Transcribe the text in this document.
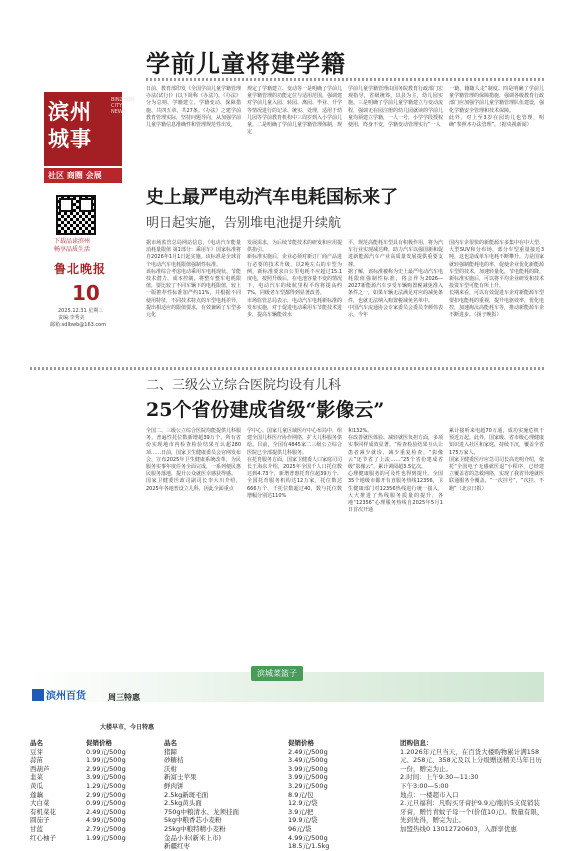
滨州
城事
BINZHOU CITY NEWS
社区 商圈 会展
下载品读滨州
畅享品质生活
鲁北晚报
10
2025.12.31 星期三
责编:李秀美
邮箱:sdlbwb@163.com
学前儿童将建学籍
日前，教育部印发《全国学前儿童学籍管理办法(试行)》(以下简称《办法》)。《办法》分为总则、学籍建立、学籍变动、保障措施、共四五章、共27条。《办法》之建学前教育管理实际，坚持问题导向，从加强学前儿童学籍信息准确性和管理规范性出发，
规定了学籍建立、变动等一是明确了学前儿童学籍管理的功能定位与适用范围，强调建对学前儿童入园、转园、离园、毕业、升学等情况进行的记录、统实、处理，适用于幼儿园等学前教育机构中三周岁到入小学前儿童。二是明确了学前儿童学籍管理体制，规定
学前儿童学籍管理由国务院教育行政部门宏观指导，省级统筹，以县为主，幼儿园实施。三是明确了学前儿童学籍建立与变动流程，强调无在园注册的幼儿园就读的学前儿童均须建立学籍，一人一号，小学学段授权使用，终身不变，学籍变动管理实行“一人
一籍，籍随人走”制度。四是明确了学前儿童学籍管理的保障措施，强调各级教育行政部门应加强学前儿童学籍管理队伍建设，强化学籍安全管理和技术保障。
此外，对上至3岁在园幼儿也管理，明确“参照本办法管理”。（据央视新闻）
史上最严电动汽车电耗国标来了
明日起实施，告别堆电池提升续航
据市场监管总局网站信息，《电动汽车能量消耗量限值 第1部分：乘用车》国家标准将自2026年1月1日起实施。该标准是全球首个电动汽车电耗限值强制性标准。
该标准综合考虑电动乘用车电耗现状、节能技术潜力、成本控制，将整车整车电耗限值，要比较了不同车辆下的电耗限值，较上一版推荐性标准加严约11%，并根据不同使用特征，不同技术特点的车型电耗差异，提出相适应的限值要求，有效兼顾了车型多元化
发展需求，为后续节能技术的研发和应用提供指引。
新标准实施后，企业必须对新订厂商产品进行必要的技术升级，以2吨左右的车型为例，新标准要求百公里电耗不应超过15.1度电，按照升级后，在电池容量不变的情况下，电动汽车的续航里程平均将提高约7%，同级老车型都得到显著改善。
市场监管总局表示，电动汽车电耗新标准的发布实施，对于促进电动乘用车节能技术进步，提高车辆能效水
平，规范高能耗车型具有积极作用，将为汽车行业实现减达峰，助力汽车以强国新和促进新能源汽车产业高质量发展提供重要支撑。
据了解，该标准被称为史上最严电动汽车电耗限值强制性标准，将会作为2026—2027新能源汽车享受车辆购置税减免准入条件之一，如果车辆无法满足对应的减免条件，也就无法纳入购置税减免名单中。
中国汽车流通协会专家委员会委员李颜伟表示，今年
国内车企很快的新能源车多集中在中大型、大型SUV和分布场，部分车型重量接近3吨，这也造成单车电耗不断攀升。力是国家就轻强制能耗电的率，促使企业优化新能源车型的技术，加速轻量化，节电能耗的降，新标准实施后，可以将平均企业研发和技术投资车型可能有所上升。
长期来看，可以有效促进车企对新能源车型要扣电能耗的重视，提升电驱效率，优化电控，加速淘汰高能耗车等，推动新能源车企不断进步。（扬子晚报）
二、三级公立综合医院均设有儿科
25个省份建成省级“影像云”
全国二、三级公立综合医院均能提供儿科服务，普遍性托位数新增超39万个，所有省份实现地市内检查检验结果互认超280项……日前，国家卫生健康委员会官网发布会，宣布2025年卫生健康系统改革，为民服务实事年度任务全面完成，一系列便民惠民服务落地，提升公众就医幸感获得感。
国家卫健委医政司副司长李大川介绍，2025年各地普设立儿科，因此全面重点
学中心。国家儿童区域医疗中心布局中，组建全国儿科医疗协作网络，扩大儿科服务供给。目前，全国有4845家二三级公立综合医院已全部提供儿科服务。
在托育服务方面，国家卫健委人口家庭司司长王海东介绍，2025年全国千人口托位数达到4.73个，新增普惠托育位超39万个。全国托育服务机构达12万家，托位数达666万个，千托位数超过40，数与托位数增幅分别达110%
和132%。
在改善就医体验、减轻就医负担方面，多项实事同样成效显著。“检查检验结果互认让患者减少就诊、减少重复检查，“影像云”还节省了上流……”25个省份建成省级“影像云”，累计调阅超3.5亿次。
心理健康服务的可及性也得到提升。全国35个地级市都开有直服务热线12356，卫生健康部门对12356热线进行统一接入，大大推进了热线服务质量的提升，各地“12356”心理服务热线自2025年5月1日首次开通
累计接听来电超70万通，成功实施危机干预近万起。此外，国家级、省市级心理健康知识进入社区和家庭，持续下沉，覆盖全省175万家人。
国家卫健委医疗应急司司长高光明介绍，依托“全国电子无感就医退”小程序，已经建立覆盖省的急救网络，实现了我省异地就医联通服务全覆盖，“一次挂号”，“次挂、不跑”（北京日报）
滨城菜篮子
滨州百货	周三特惠
大楼早市，今日特惠
品名	促销价格
豆芽	0.99元/500g
蒜苗	1.99元/500g
西葫芦	2.99元/500g
韭菜	3.99元/500g
黄瓜	1.29元/500g
莲藕	2.99元/500g
大白菜	0.99元/500g
有机菜花	2.49元/500g
圆茄子	4.99元/500g
甘蓝	2.79元/500g
红心柚子	1.99元/500g
品名	促销价格
猪蹄	2.49元/500g
砂糖桔	3.49元/500g
沃柑	3.99元/500g
新富士苹果	3.99元/500g
鲜肉饼	3.29元/500g
2.5kg新斑毛面	8.9元/包
2.5kg黄头面	12.9元/袋
750g中粮清水、龙须挂面	3.9元/把
5kg中粮香芯小麦粉	19.9元/袋
25kg中粮特精小麦粉	96元/袋
金品小米(新米上市)	4.99元/500g
新疆红枣	18.5元/1.5kg
团购信息：
1.2026年元旦当天，在百货大楼购物累计满158元、258元、358元及以上分级赠送精美马年日历一份，赠完为止。
2.时间：上午9:30—11:30
下午3:00—5:00
地点：一楼超市入口
2.元旦福利：凡购买牙膏护9.9元/瓶的5支促销装牙膏，赠竹青蚊子母一个(价值10元)。数量有限，先到先得，赠完为止。
加盟热线0 13012720603，入群享优惠
